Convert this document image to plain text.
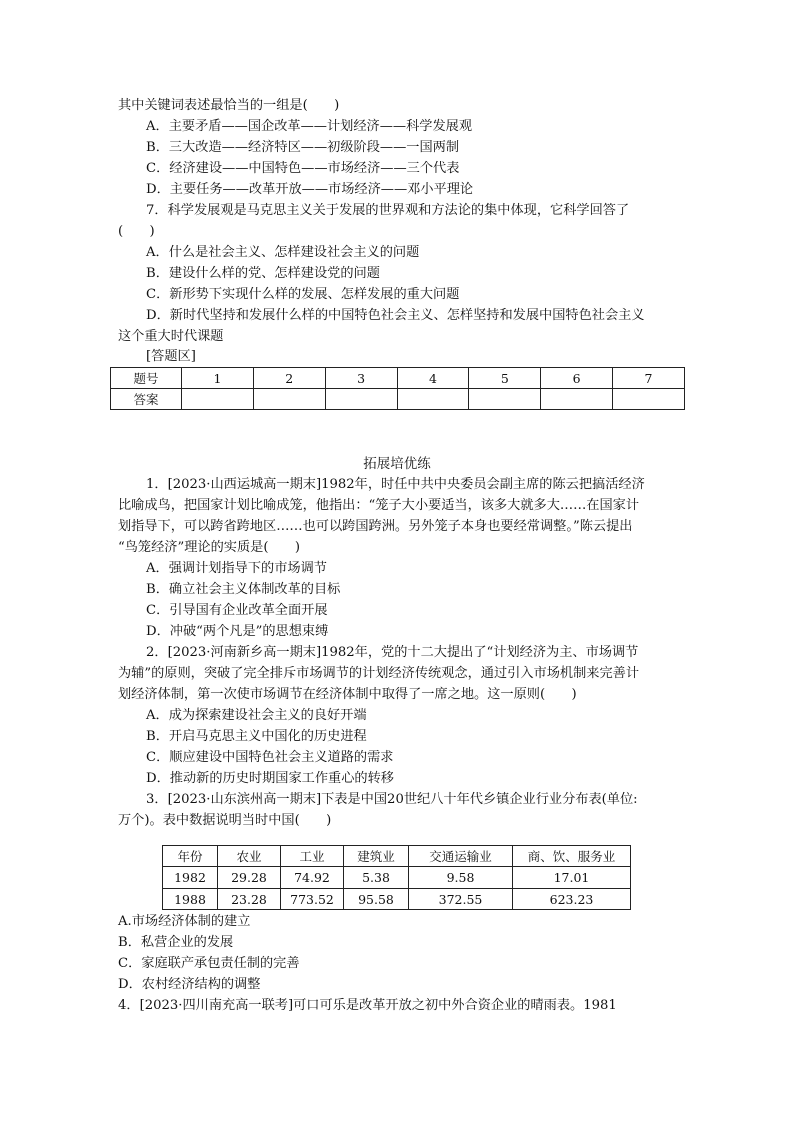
其中关键词表述最恰当的一组是(　　)
A．主要矛盾——国企改革——计划经济——科学发展观
B．三大改造——经济特区——初级阶段——一国两制
C．经济建设——中国特色——市场经济——三个代表
D．主要任务——改革开放——市场经济——邓小平理论
7．科学发展观是马克思主义关于发展的世界观和方法论的集中体现，它科学回答了
(　　)
A．什么是社会主义、怎样建设社会主义的问题
B．建设什么样的党、怎样建设党的问题
C．新形势下实现什么样的发展、怎样发展的重大问题
D．新时代坚持和发展什么样的中国特色社会主义、怎样坚持和发展中国特色社会主义
这个重大时代课题
[答题区]
题号	1	2	3	4	5	6	7
答案							
拓展培优练
1．[2023·山西运城高一期末]1982年，时任中共中央委员会副主席的陈云把搞活经济
比喻成鸟，把国家计划比喻成笼，他指出：“笼子大小要适当，该多大就多大……在国家计
划指导下，可以跨省跨地区……也可以跨国跨洲。另外笼子本身也要经常调整。”陈云提出
“鸟笼经济”理论的实质是(　　)
A．强调计划指导下的市场调节
B．确立社会主义体制改革的目标
C．引导国有企业改革全面开展
D．冲破“两个凡是”的思想束缚
2．[2023·河南新乡高一期末]1982年，党的十二大提出了“计划经济为主、市场调节
为辅”的原则，突破了完全排斥市场调节的计划经济传统观念，通过引入市场机制来完善计
划经济体制，第一次使市场调节在经济体制中取得了一席之地。这一原则(　　)
A．成为探索建设社会主义的良好开端
B．开启马克思主义中国化的历史进程
C．顺应建设中国特色社会主义道路的需求
D．推动新的历史时期国家工作重心的转移
3．[2023·山东滨州高一期末]下表是中国20世纪八十年代乡镇企业行业分布表(单位:
万个)。表中数据说明当时中国(　　)
年份	农业	工业	建筑业	交通运输业	商、饮、服务业
1982	29.28	74.92	5.38	9.58	17.01
1988	23.28	773.52	95.58	372.55	623.23
A.市场经济体制的建立
B．私营企业的发展
C．家庭联产承包责任制的完善
D．农村经济结构的调整
4．[2023·四川南充高一联考]可口可乐是改革开放之初中外合资企业的晴雨表。1981
